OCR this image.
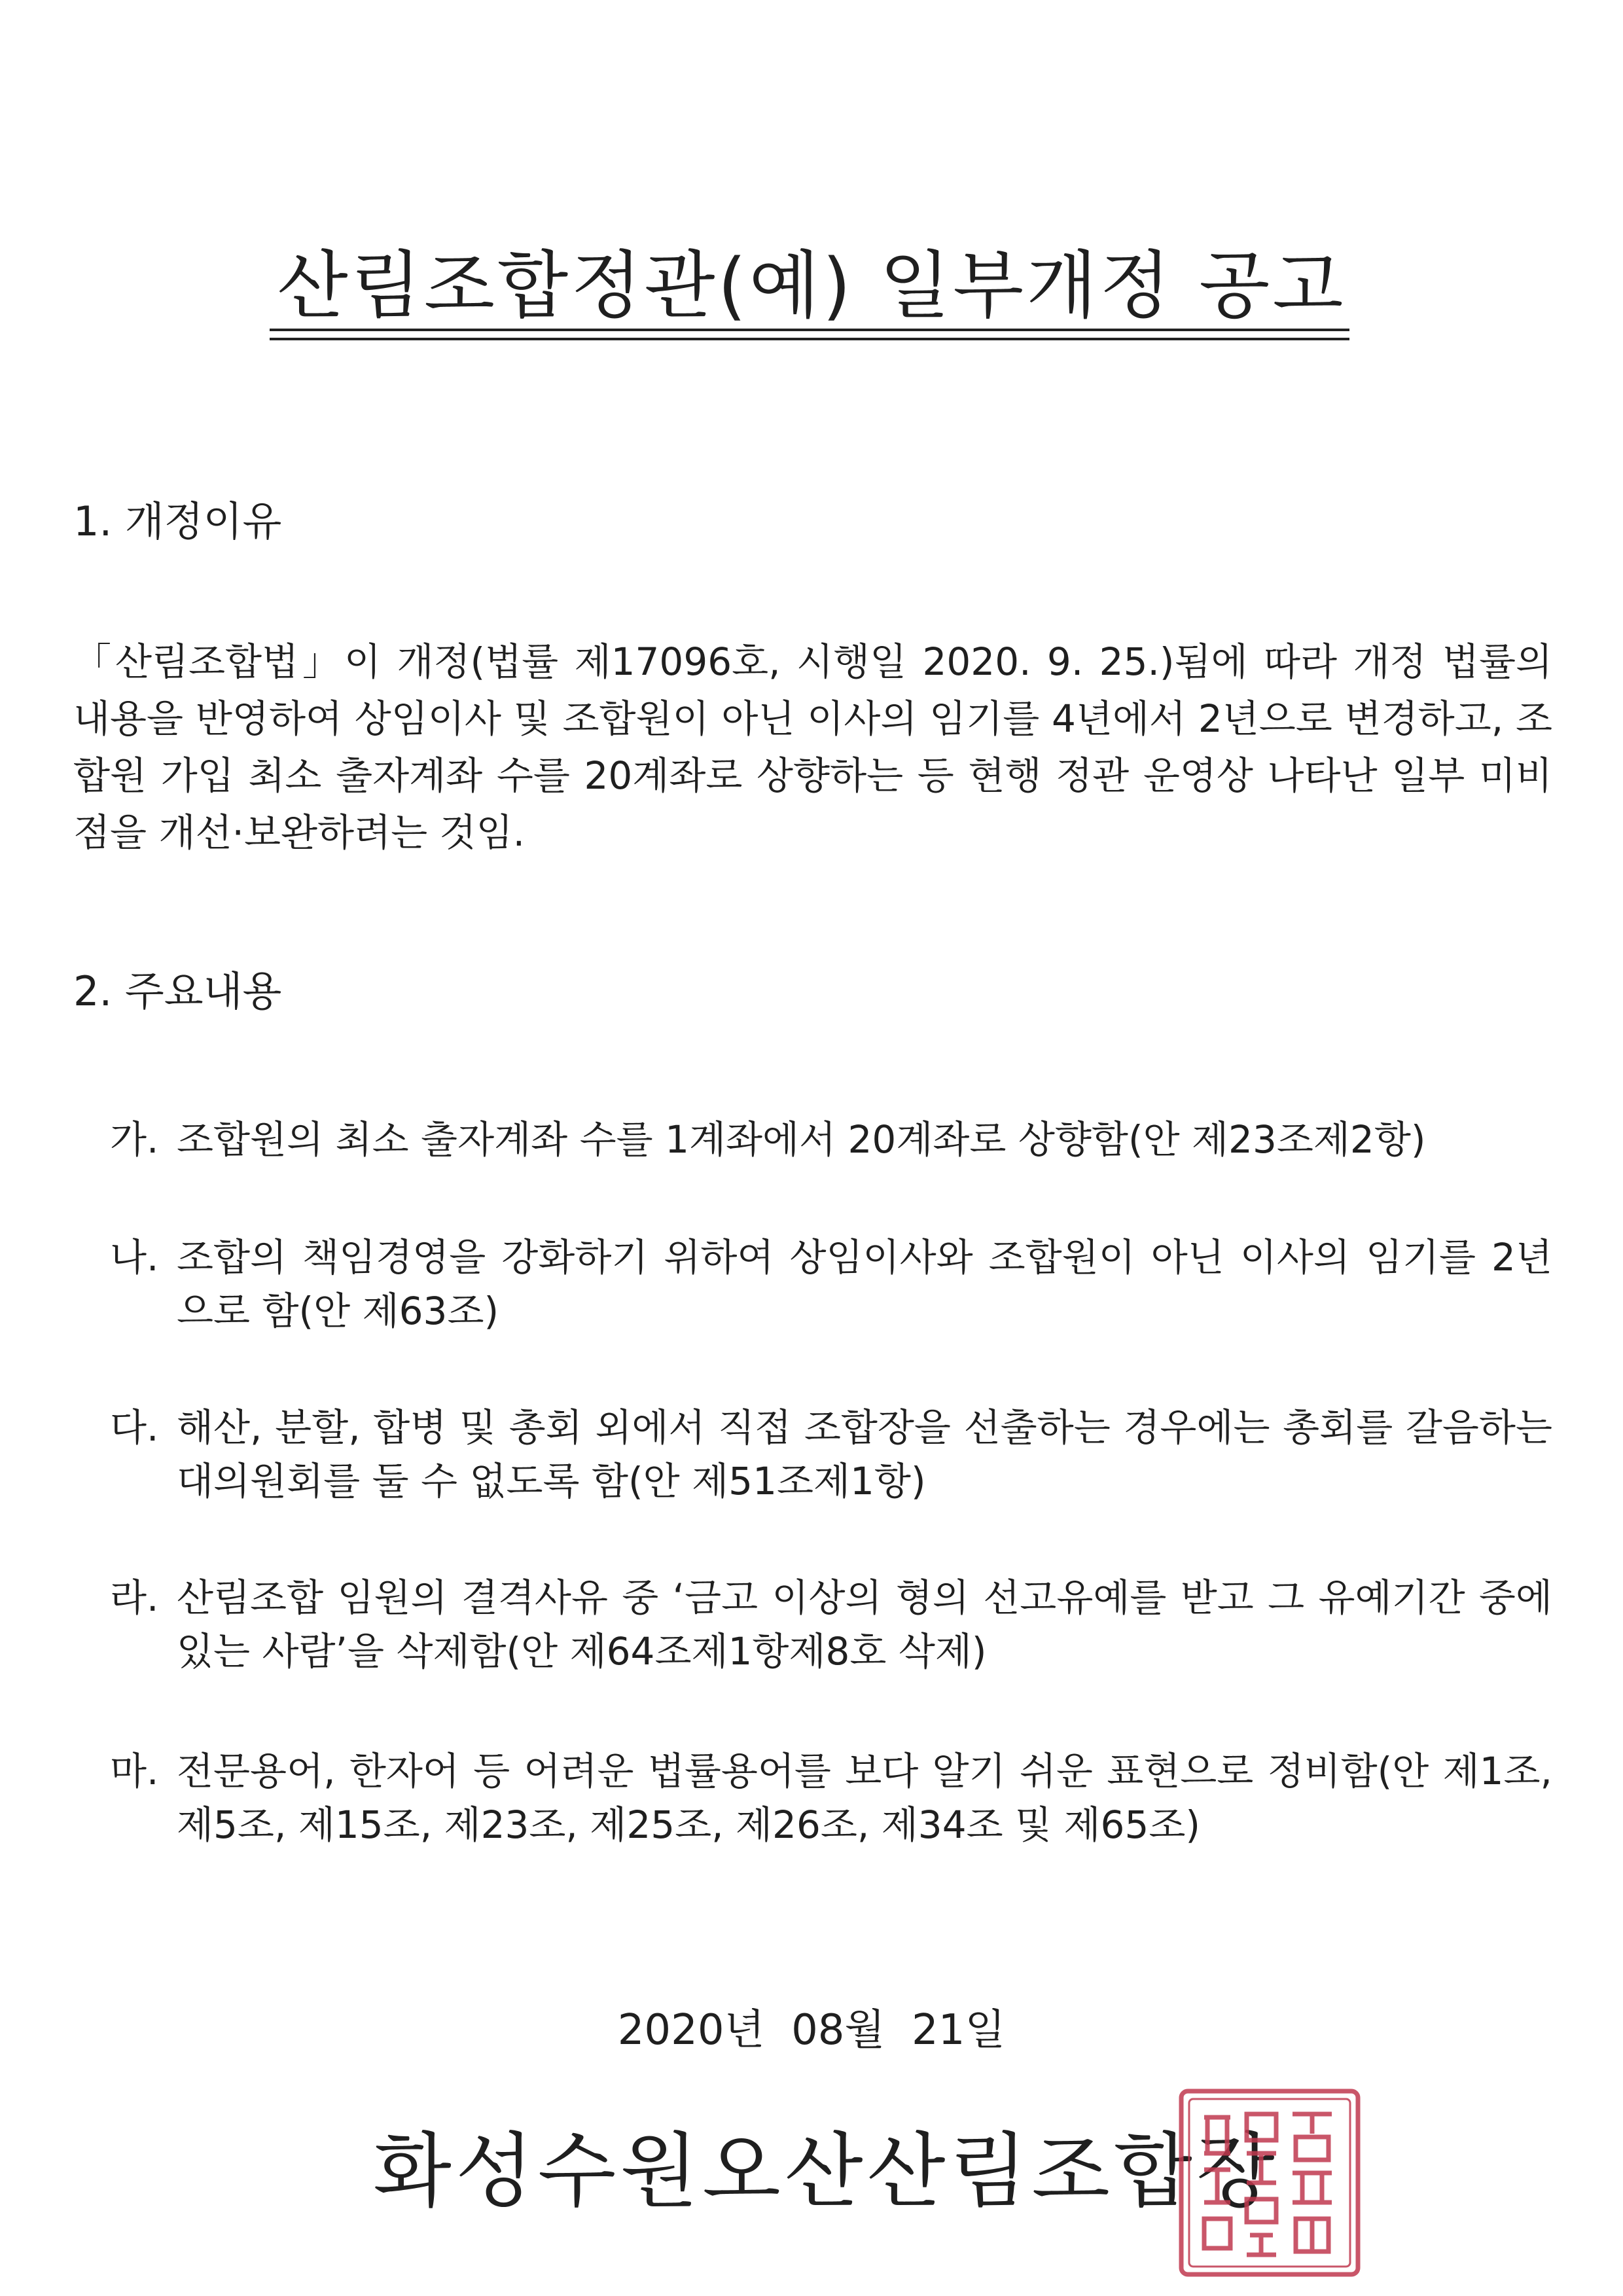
산림조합정관(예) 일부개정 공고
1. 개정이유

「산림조합법」이 개정(법률 제17096호, 시행일 2020. 9. 25.)됨에 따라 개정 법률의 내용을 반영하여 상임이사 및 조합원이 아닌 이사의 임기를 4년에서 2년으로 변경하고, 조합원 가입 최소 출자계좌 수를 20계좌로 상향하는 등 현행 정관 운영상 나타난 일부 미비점을 개선·보완하려는 것임.

2. 주요내용

가. 조합원의 최소 출자계좌 수를 1계좌에서 20계좌로 상향함(안 제23조제2항)

나. 조합의 책임경영을 강화하기 위하여 상임이사와 조합원이 아닌 이사의 임기를 2년으로 함(안 제63조)

다. 해산, 분할, 합병 및 총회 외에서 직접 조합장을 선출하는 경우에는 총회를 갈음하는 대의원회를 둘 수 없도록 함(안 제51조제1항)

라. 산림조합 임원의 결격사유 중 ‘금고 이상의 형의 선고유예를 받고 그 유예기간 중에 있는 사람’을 삭제함(안 제64조제1항제8호 삭제)

마. 전문용어, 한자어 등 어려운 법률용어를 보다 알기 쉬운 표현으로 정비함(안 제1조, 제5조, 제15조, 제23조, 제25조, 제26조, 제34조 및 제65조)

2020년  08월  21일
화성수원오산산림조합장
